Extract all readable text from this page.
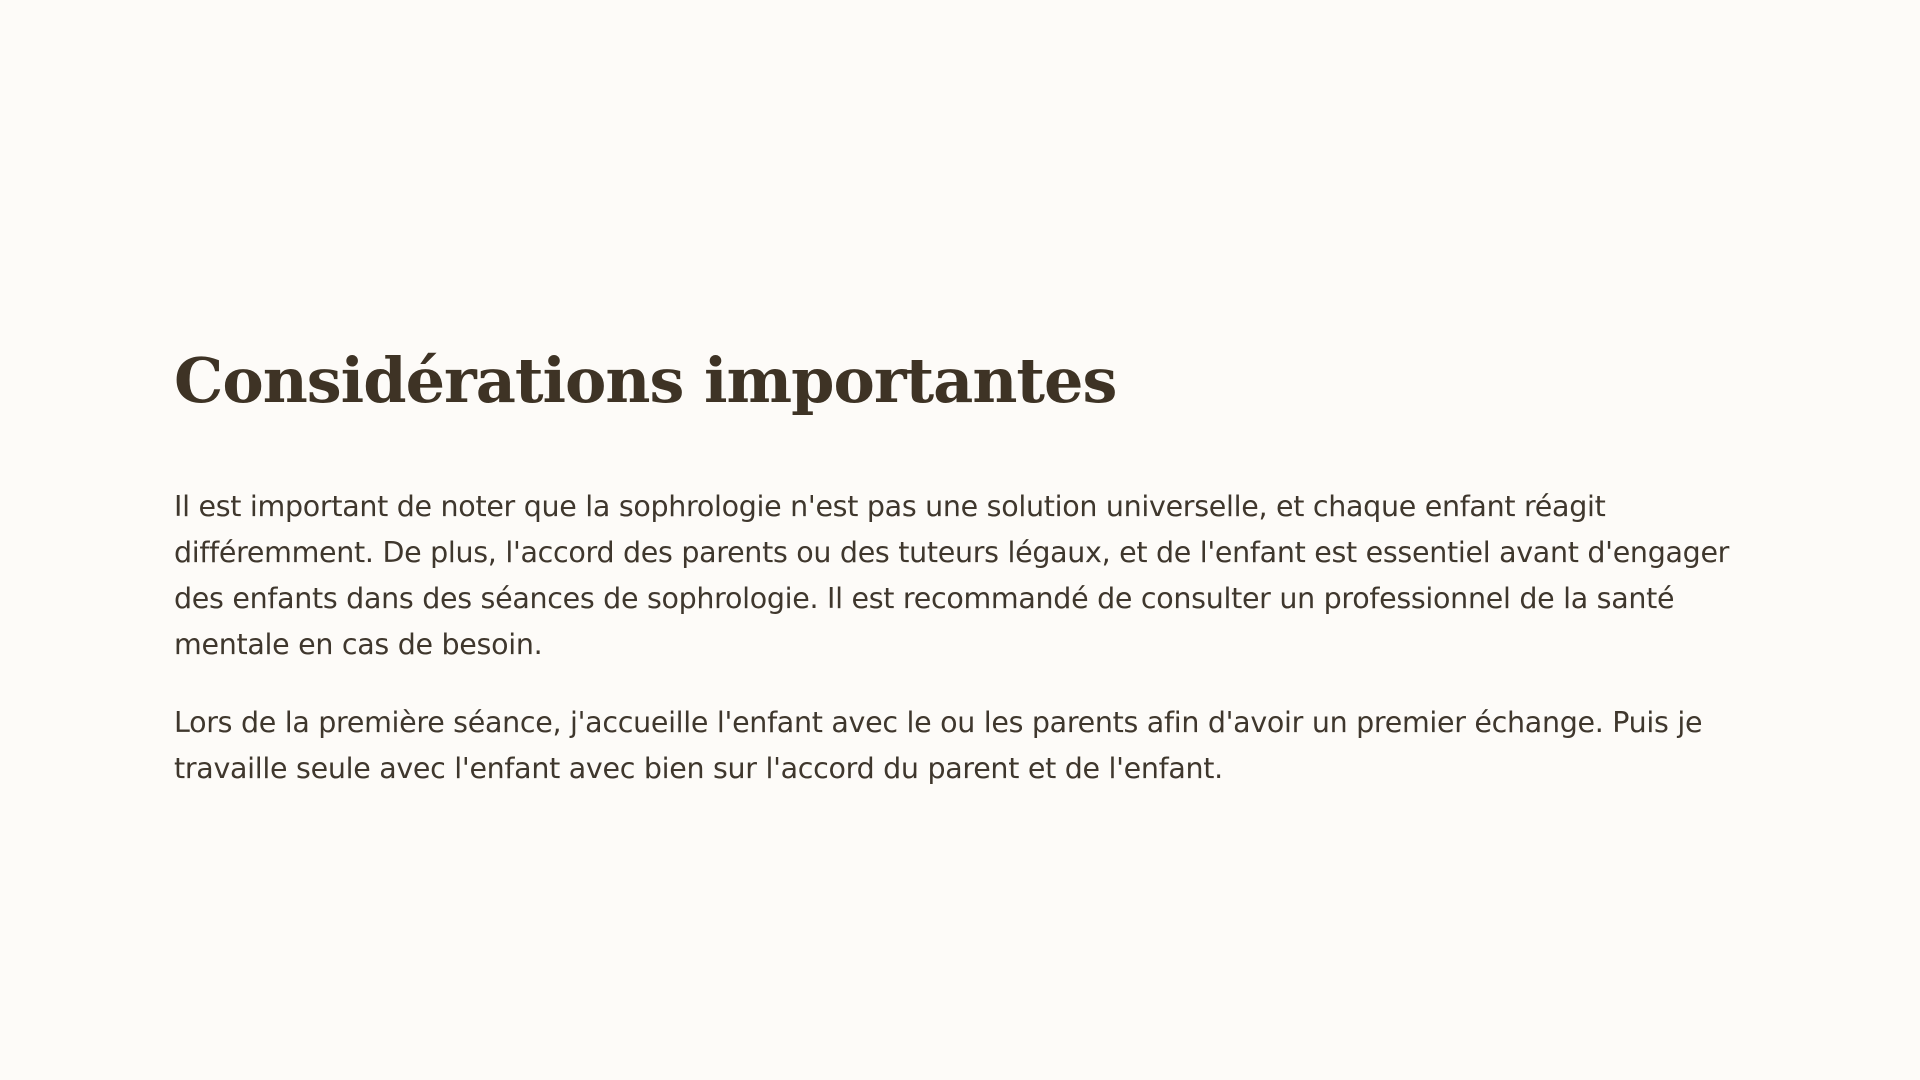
Considérations importantes

Il est important de noter que la sophrologie n'est pas une solution universelle, et chaque enfant réagit différemment. De plus, l'accord des parents ou des tuteurs légaux, et de l'enfant est essentiel avant d'engager des enfants dans des séances de sophrologie. Il est recommandé de consulter un professionnel de la santé mentale en cas de besoin.

Lors de la première séance, j'accueille l'enfant avec le ou les parents afin d'avoir un premier échange. Puis je travaille seule avec l'enfant avec bien sur l'accord du parent et de l'enfant.
